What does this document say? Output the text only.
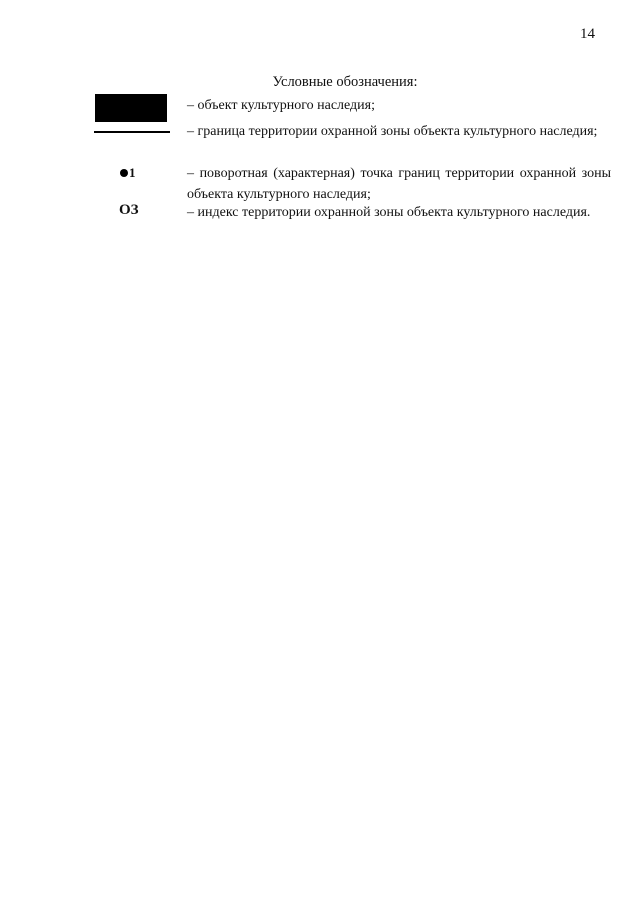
14
Условные обозначения:
– объект культурного наследия;
– граница территории охранной зоны объекта культурного наследия;
1	– поворотная (характерная) точка границ территории охранной зоны объекта культурного наследия;
ОЗ	– индекс территории охранной зоны объекта культурного наследия.
